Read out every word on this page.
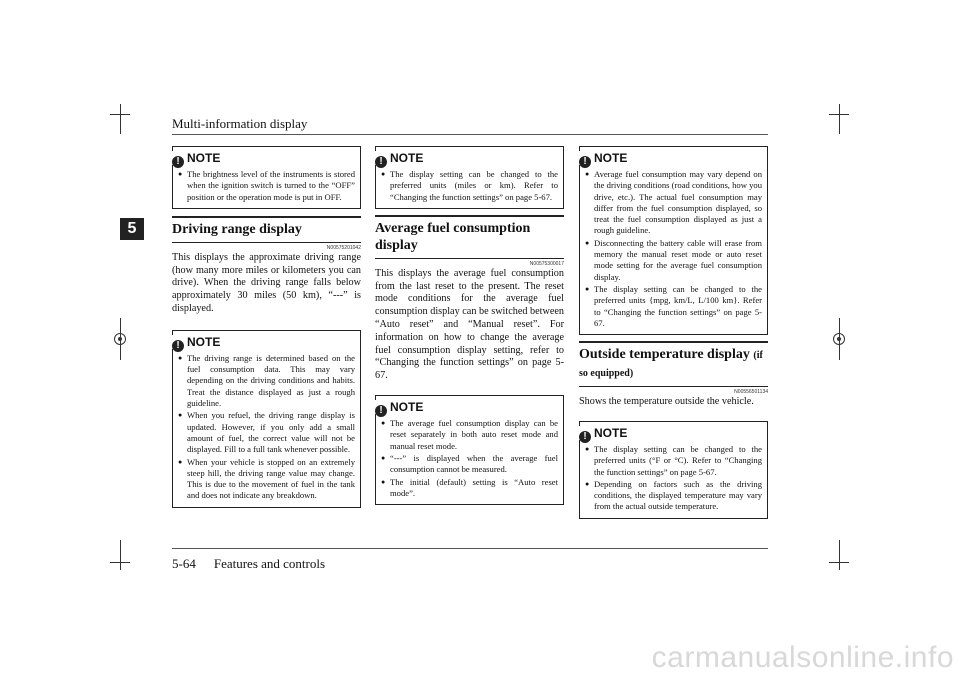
Multi-information display
5
! NOTE
● The brightness level of the instruments is stored when the ignition switch is turned to the “OFF” position or the operation mode is put in OFF.
Driving range display
N00575201042
This displays the approximate driving range (how many more miles or kilometers you can drive). When the driving range falls below approximately 30 miles (50 km), “---” is displayed.
! NOTE
● The driving range is determined based on the fuel consumption data. This may vary depending on the driving conditions and habits. Treat the distance displayed as just a rough guideline.
● When you refuel, the driving range display is updated. However, if you only add a small amount of fuel, the correct value will not be displayed. Fill to a full tank whenever possible.
● When your vehicle is stopped on an extremely steep hill, the driving range value may change. This is due to the movement of fuel in the tank and does not indicate any breakdown.
! NOTE
● The display setting can be changed to the preferred units (miles or km). Refer to “Changing the function settings” on page 5-67.
Average fuel consumption display
N00575300017
This displays the average fuel consumption from the last reset to the present. The reset mode conditions for the average fuel consumption display can be switched between “Auto reset” and “Manual reset”. For information on how to change the average fuel consumption display setting, refer to “Changing the function settings” on page 5-67.
! NOTE
● The average fuel consumption display can be reset separately in both auto reset mode and manual reset mode.
● “---” is displayed when the average fuel consumption cannot be measured.
● The initial (default) setting is “Auto reset mode”.
! NOTE
● Average fuel consumption may vary depend on the driving conditions (road conditions, how you drive, etc.). The actual fuel consumption may differ from the fuel consumption displayed, so treat the fuel consumption displayed as just a rough guideline.
● Disconnecting the battery cable will erase from memory the manual reset mode or auto reset mode setting for the average fuel consumption display.
● The display setting can be changed to the preferred units {mpg, km/L, L/100 km}. Refer to “Changing the function settings” on page 5-67.
Outside temperature display (if so equipped)
N00556501134
Shows the temperature outside the vehicle.
! NOTE
● The display setting can be changed to the preferred units (°F or °C). Refer to “Changing the function settings” on page 5-67.
● Depending on factors such as the driving conditions, the displayed temperature may vary from the actual outside temperature.
5-64 Features and controls
carmanualsonline.info
